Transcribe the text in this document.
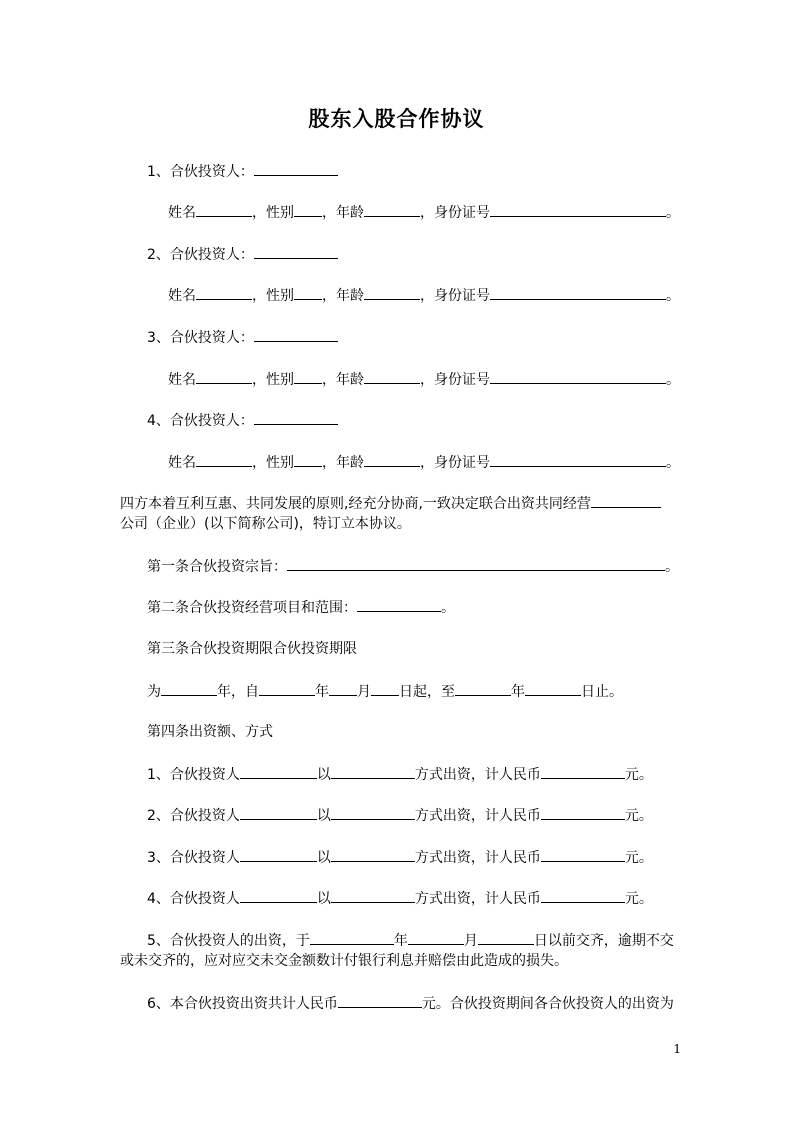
股东入股合作协议
1、合伙投资人：
姓名	，性别 ，年龄	，身份证号	。
2、合伙投资人：
姓名	，性别 ，年龄	，身份证号	。
3、合伙投资人：
姓名	，性别 ，年龄	，身份证号	。
4、合伙投资人：
姓名	，性别 ，年龄	，身份证号	。
四方本着互利互惠、共同发展的原则,经充分协商,一致决定联合出资共同经营
公司（企业）(以下简称公司)，特订立本协议。
第一条合伙投资宗旨：	。
第二条合伙投资经营项目和范围：	。
第三条合伙投资期限合伙投资期限
为	年，自	年 月 日起，至	年	日止。
第四条出资额、方式
1、合伙投资人	以	方式出资，计人民币	元。
2、合伙投资人	以	方式出资，计人民币	元。
3、合伙投资人	以	方式出资，计人民币	元。
4、合伙投资人	以	方式出资，计人民币	元。
5、合伙投资人的出资，于	年	月	日以前交齐，逾期不交
或未交齐的，应对应交未交金额数计付银行利息并赔偿由此造成的损失。
6、本合伙投资出资共计人民币	元。合伙投资期间各合伙投资人的出资为
1
